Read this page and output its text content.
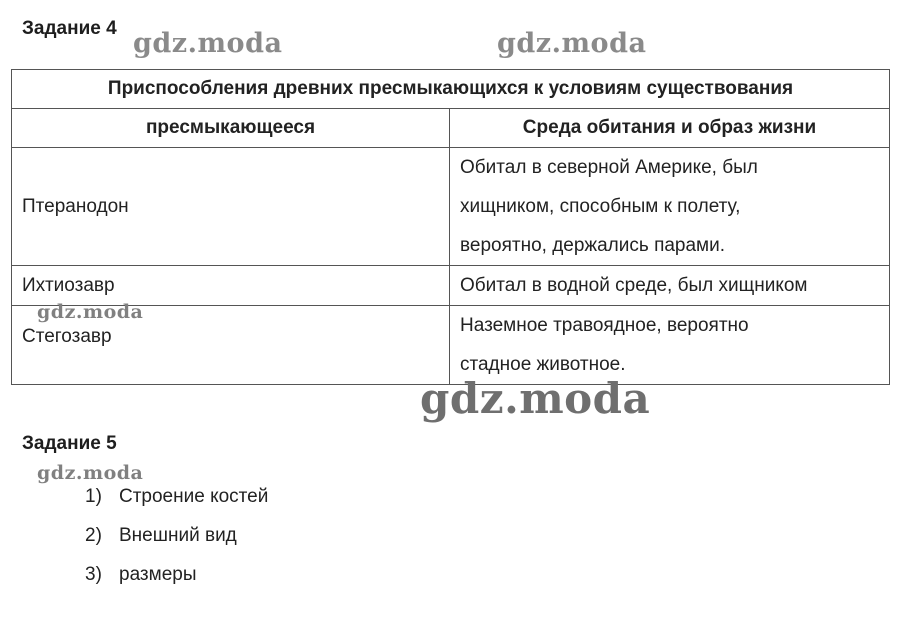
Задание 4 gdz.moda	gdz.moda
Приспособления древних пресмыкающихся к условиям существования	
пресмыкающееся	Среда обитания и образ жизни
Птеранодон	Обитал в северной Америке, был
хищником, способным к полету,
вероятно, держались парами.

Ихтиозавр	Обитал в водной среде, был хищником

Стегозавр	Наземное травоядное, вероятно
стадное животное.
gdz.moda
gdz.moda
Задание 5
gdz.moda
1) Строение костей
2) Внешний вид
3) размеры
